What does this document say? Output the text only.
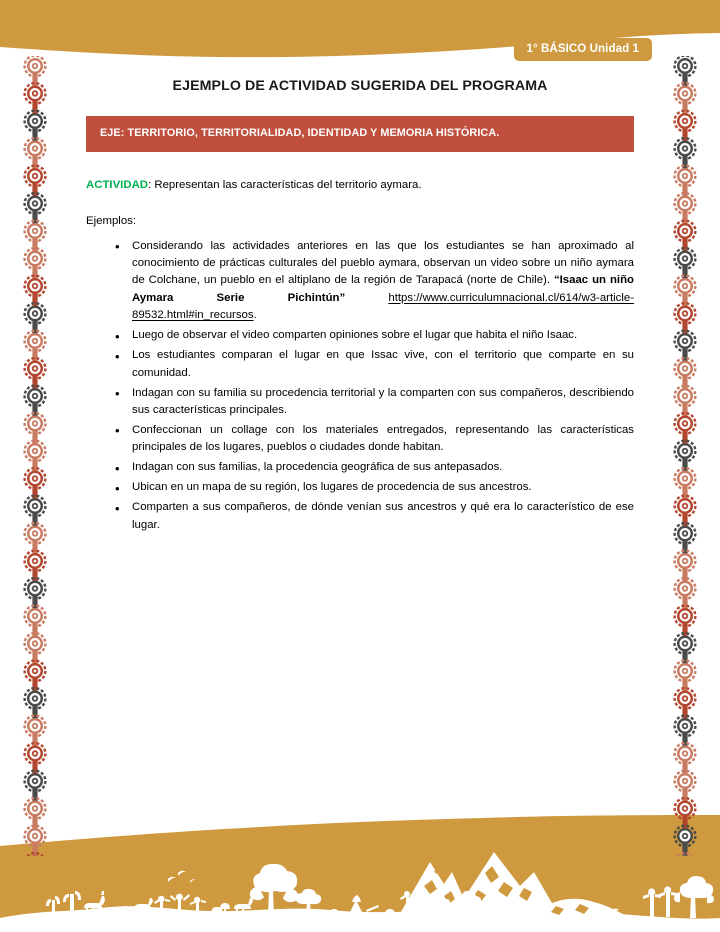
1° BÁSICO Unidad 1
EJEMPLO DE ACTIVIDAD SUGERIDA DEL PROGRAMA
EJE: TERRITORIO, TERRITORIALIDAD, IDENTIDAD Y MEMORIA HISTÓRICA.
ACTIVIDAD: Representan las características del territorio aymara.
Ejemplos:
• Considerando las actividades anteriores en las que los estudiantes se han aproximado al conocimiento de prácticas culturales del pueblo aymara, observan un video sobre un niño aymara de Colchane, un pueblo en el altiplano de la región de Tarapacá (norte de Chile). “Isaac un niño Aymara Serie Pichintún”	https://www.curriculumnacional.cl/614/w3-article-89532.html#in_recursos.
• Luego de observar el video comparten opiniones sobre el lugar que habita el niño Isaac.
• Los estudiantes comparan el lugar en que Issac vive, con el territorio que comparte en su comunidad.
• Indagan con su familia su procedencia territorial y la comparten con sus compañeros, describiendo sus características principales.
• Confeccionan un collage con los materiales entregados, representando las características principales de los lugares, pueblos o ciudades donde habitan.
• Indagan con sus familias, la procedencia geográfica de sus antepasados.
• Ubican en un mapa de su región, los lugares de procedencia de sus ancestros.
• Comparten a sus compañeros, de dónde venían sus ancestros y qué era lo característico de ese lugar.
